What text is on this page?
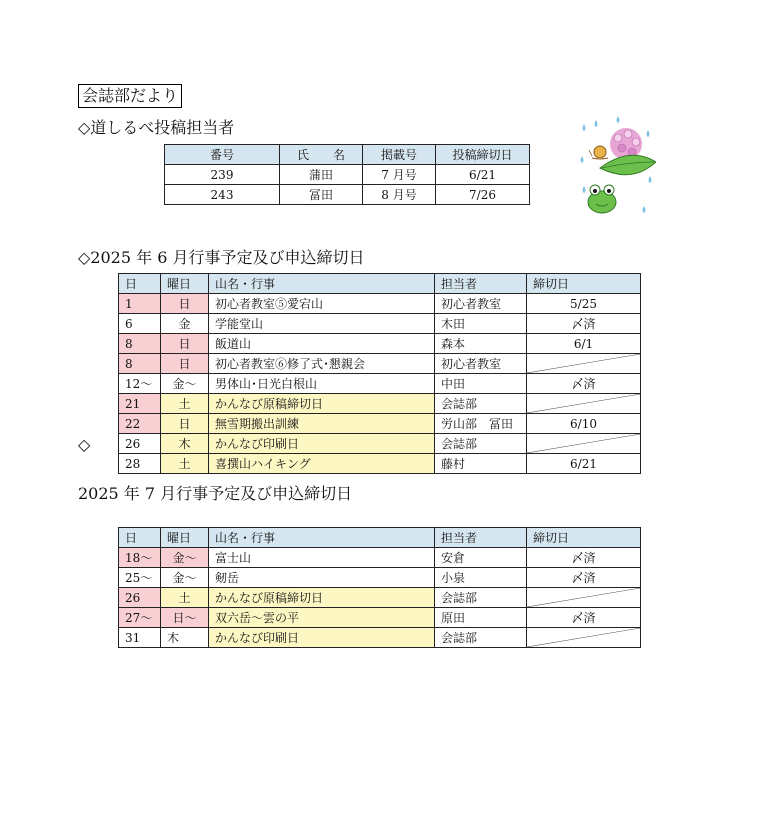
会誌部だより
◇道しるべ投稿担当者
番号	氏　　名	掲載号	投稿締切日
239	蒲田	7 月号	6/21
243	冨田	8 月号	7/26
◇2025 年 6 月行事予定及び申込締切日
日	曜日	山名・行事	担当者	締切日
1	日	初心者教室⑤愛宕山	初心者教室	5/25
6	金	学能堂山	木田	〆済
8	日	飯道山	森本	6/1
8	日	初心者教室⑥修了式･懇親会	初心者教室	

12～	金～	男体山･日光白根山	中田	〆済
21	土	かんなび原稿締切日	会誌部	

22	日	無雪期搬出訓練	労山部　冨田	6/10
26	木	かんなび印刷日	会誌部	

28	土	喜撰山ハイキング	藤村	6/21
◇
2025 年 7 月行事予定及び申込締切日
日	曜日	山名・行事	担当者	締切日
18～	金～	富士山	安倉	〆済
25～	金～	剱岳	小泉	〆済
26	土	かんなび原稿締切日	会誌部	

27～	日～	双六岳～雲の平	原田	〆済
31	木	かんなび印刷日	会誌部	
